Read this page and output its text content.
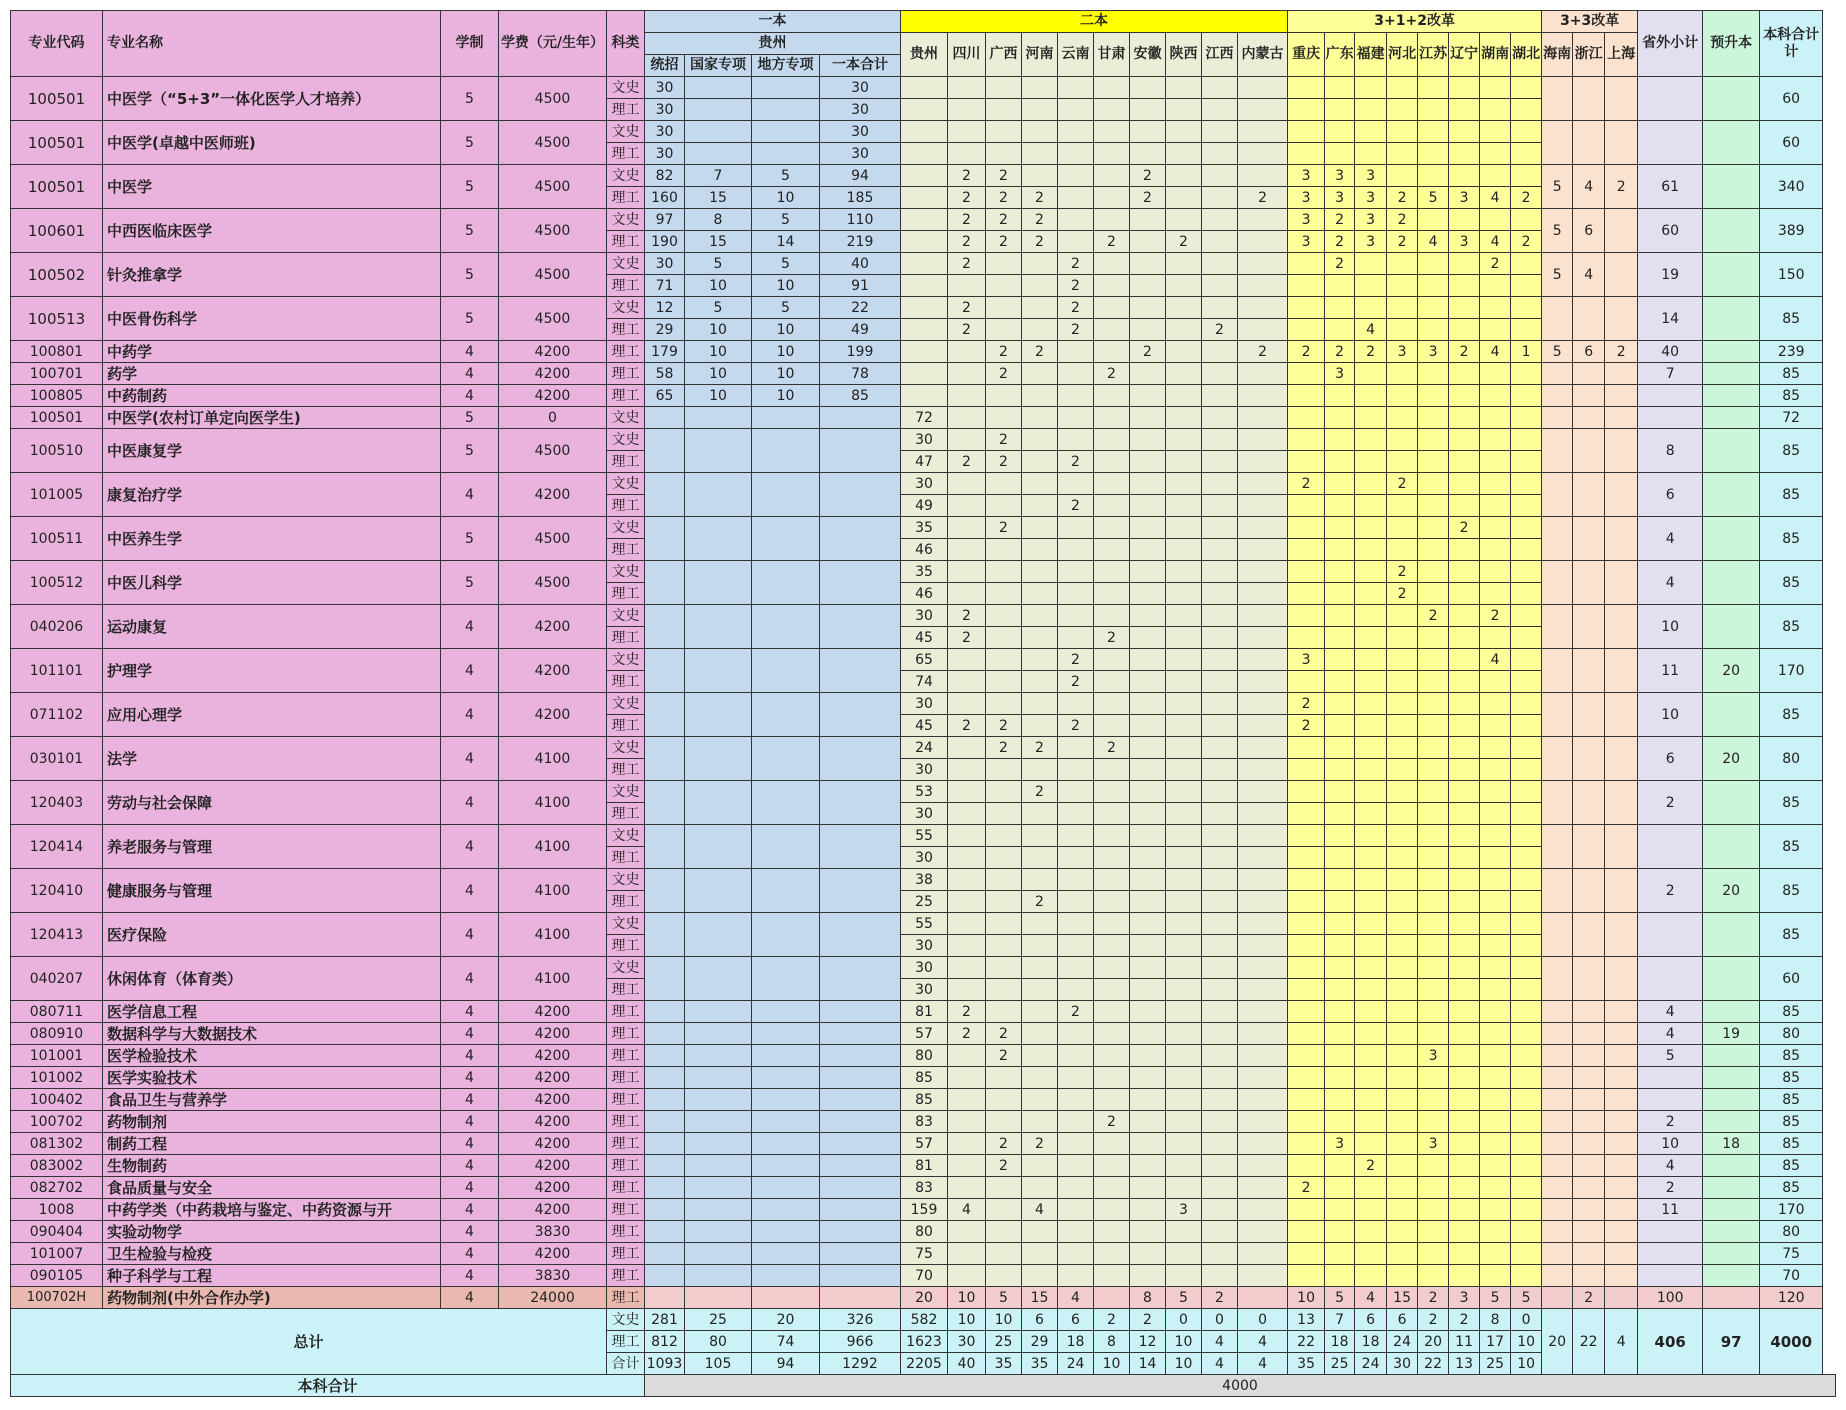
专业代码	专业名称	学制	学费（元/生年）	科类	一本				二本										3+1+2改革								3+3改革			省外小计	预升本	本科合计计
					贵州				贵州	四川	广西	河南	云南	甘肃	安徽	陕西	江西	内蒙古	重庆	广东	福建	河北	江苏	辽宁	湖南	湖北	海南	浙江	上海			
					统招	国家专项	地方专项	一本合计																								
100501	中医学（“5+3”一体化医学人才培养）	5	4500	文史	30			30																								60
				理工	30			30																								
100501	中医学(卓越中医师班)	5	4500	文史	30			30																								60
				理工	30			30																								
100501	中医学	5	4500	文史	82	7	5	94		2	2				2				3	3	3						5	4	2	61		340
				理工	160	15	10	185		2	2	2			2			2	3	3	3	2	5	3	4	2						
100601	中西医临床医学	5	4500	文史	97	8	5	110		2	2	2							3	2	3	2					5	6		60		389
				理工	190	15	14	219		2	2	2		2		2			3	2	3	2	4	3	4	2						
100502	针灸推拿学	5	4500	文史	30	5	5	40		2			2							2					2		5	4		19		150
				理工	71	10	10	91					2																			
100513	中医骨伤科学	5	4500	文史	12	5	5	22		2			2																	14		85
				理工	29	10	10	49		2			2				2				4											
100801	中药学	4	4200	理工	179	10	10	199			2	2			2			2	2	2	2	3	3	2	4	1	5	6	2	40		239
100701	药学	4	4200	理工	58	10	10	78			2			2						3										7		85
100805	中药制药	4	4200	理工	65	10	10	85																								85
100501	中医学(农村订单定向医学生)	5	0	文史					72																							72
100510	中医康复学	5	4500	文史					30		2																			8		85
				理工					47	2	2		2																			
101005	康复治疗学	4	4200	文史					30										2			2								6		85
				理工					49				2																			
100511	中医养生学	5	4500	文史					35		2													2						4		85
				理工					46																							
100512	中医儿科学	5	4500	文史					35													2								4		85
				理工					46													2										
040206	运动康复	4	4200	文史					30	2													2		2					10		85
				理工					45	2				2																		
101101	护理学	4	4200	文史					65				2						3						4					11	20	170
				理工					74				2																			
071102	应用心理学	4	4200	文史					30										2											10		85
				理工					45	2	2		2						2													
030101	法学	4	4100	文史					24		2	2		2																6	20	80
				理工					30																							
120403	劳动与社会保障	4	4100	文史					53			2																		2		85
				理工					30																							
120414	养老服务与管理	4	4100	文史					55																							85
				理工					30																							
120410	健康服务与管理	4	4100	文史					38																					2	20	85
				理工					25			2																				
120413	医疗保险	4	4100	文史					55																							85
				理工					30																							
040207	休闲体育（体育类）	4	4100	文史					30																							60
				理工					30																							
080711	医学信息工程	4	4200	理工					81	2			2																	4		85
080910	数据科学与大数据技术	4	4200	理工					57	2	2																			4	19	80
101001	医学检验技术	4	4200	理工					80		2												3							5		85
101002	医学实验技术	4	4200	理工					85																							85
100402	食品卫生与营养学	4	4200	理工					85																							85
100702	药物制剂	4	4200	理工					83					2																2		85
081302	制药工程	4	4200	理工					57		2	2								3			3							10	18	85
083002	生物制药	4	4200	理工					81		2										2									4		85
082702	食品质量与安全	4	4200	理工					83										2											2		85
1008	中药学类（中药栽培与鉴定、中药资源与开	4	4200	理工					159	4		4				3														11		170
090404	实验动物学	4	3830	理工					80																							80
101007	卫生检验与检疫	4	4200	理工					75																							75
090105	种子科学与工程	4	3830	理工					70																							70
100702H	药物制剂(中外合作办学)	4	24000	理工					20	10	5	15	4		8	5	2		10	5	4	15	2	3	5	5		2		100		120
总计				文史	281	25	20	326	582	10	10	6	6	2	2	0	0	0	13	7	6	6	2	2	8	0	20	22	4	406	97	4000
				理工	812	80	74	966	1623	30	25	29	18	8	12	10	4	4	22	18	18	24	20	11	17	10						
				合计	1093	105	94	1292	2205	40	35	35	24	10	14	10	4	4	35	25	24	30	22	13	25	10						
本科合计					4000																											
